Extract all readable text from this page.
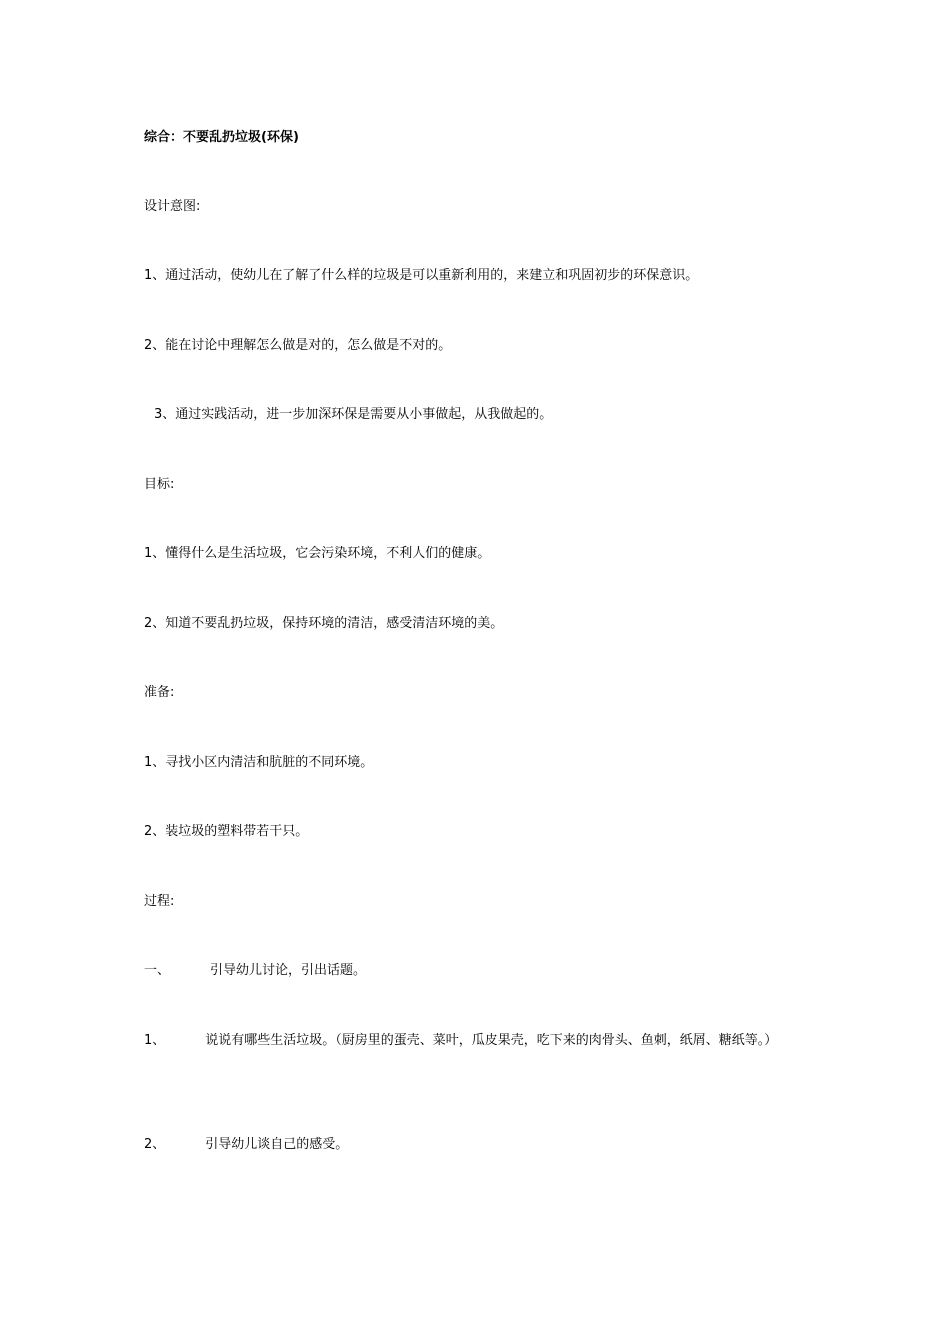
综合：不要乱扔垃圾(环保)
设计意图:
1、通过活动，使幼儿在了解了什么样的垃圾是可以重新利用的，来建立和巩固初步的环保意识。
2、能在讨论中理解怎么做是对的，怎么做是不对的。
3、通过实践活动，进一步加深环保是需要从小事做起，从我做起的。
目标:
1、懂得什么是生活垃圾，它会污染环境，不利人们的健康。
2、知道不要乱扔垃圾，保持环境的清洁，感受清洁环境的美。
准备:
1、寻找小区内清洁和肮脏的不同环境。
2、装垃圾的塑料带若干只。
过程:
一、	引导幼儿讨论，引出话题。
1、	说说有哪些生活垃圾。（厨房里的蛋壳、菜叶，瓜皮果壳，吃下来的肉骨头、鱼刺，纸屑、糖纸等。）
2、	引导幼儿谈自己的感受。
